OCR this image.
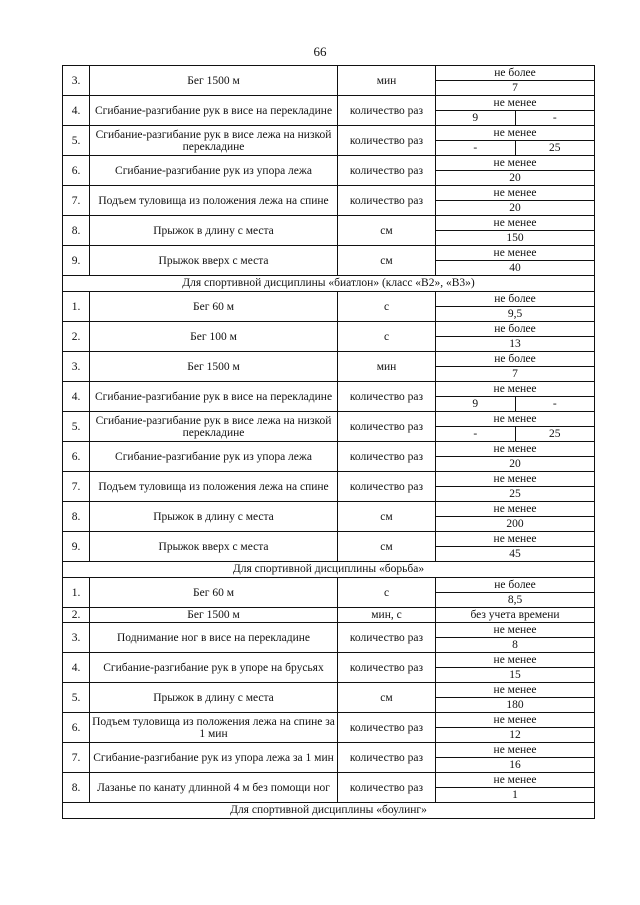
66
3.	Бег 1500 м	мин	не более
7

4.	Сгибание-разгибание рук в висе на перекладине	количество раз	не менее
9 -

5.	Сгибание-разгибание рук в висе лежа на низкой перекладине	количество раз	не менее
- 25

6.	Сгибание-разгибание рук из упора лежа	количество раз	не менее
20

7.	Подъем туловища из положения лежа на спине	количество раз	не менее
20

8.	Прыжок в длину с места	см	не менее
150

9.	Прыжок вверх с места	см	не менее
40

Для спортивной дисциплины «биатлон» (класс «В2», «В3»)			
1.	Бег 60 м	с	не более
9,5

2.	Бег 100 м	с	не более
13

3.	Бег 1500 м	мин	не более
7

4.	Сгибание-разгибание рук в висе на перекладине	количество раз	не менее
9 -

5.	Сгибание-разгибание рук в висе лежа на низкой перекладине	количество раз	не менее
- 25

6.	Сгибание-разгибание рук из упора лежа	количество раз	не менее
20

7.	Подъем туловища из положения лежа на спине	количество раз	не менее
25

8.	Прыжок в длину с места	см	не менее
200

9.	Прыжок вверх с места	см	не менее
45

Для спортивной дисциплины «борьба»			
1.	Бег 60 м	с	не более
8,5

2.	Бег 1500 м	мин, с	без учета времени
3.	Поднимание ног в висе на перекладине	количество раз	не менее
8

4.	Сгибание-разгибание рук в упоре на брусьях	количество раз	не менее
15

5.	Прыжок в длину с места	см	не менее
180

6.	Подъем туловища из положения лежа на спине за 1 мин	количество раз	не менее
12

7.	Сгибание-разгибание рук из упора лежа за 1 мин	количество раз	не менее
16

8.	Лазанье по канату длинной 4 м без помощи ног	количество раз	не менее
1

Для спортивной дисциплины «боулинг»			
